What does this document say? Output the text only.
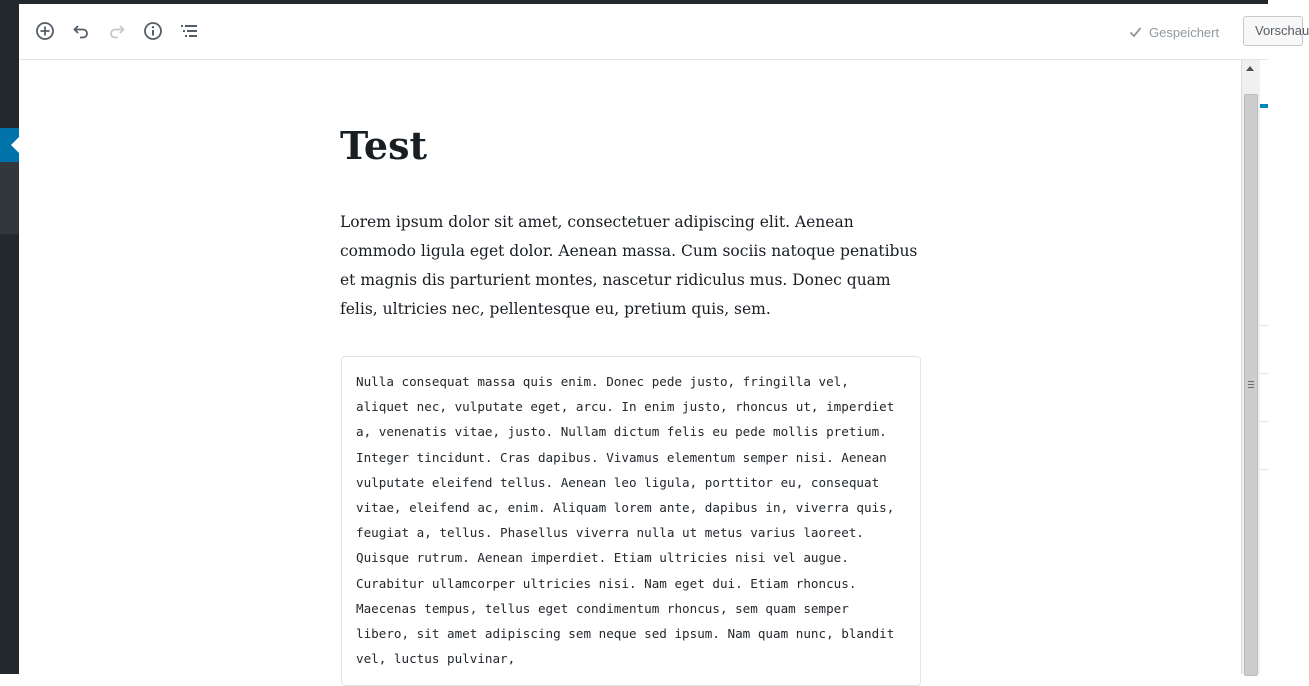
Gespeichert	Vorschau
Test

Lorem ipsum dolor sit amet, consectetuer adipiscing elit. Aenean commodo ligula eget dolor. Aenean massa. Cum sociis natoque penatibus et magnis dis parturient montes, nascetur ridiculus mus. Donec quam felis, ultricies nec, pellentesque eu, pretium quis, sem.

Nulla consequat massa quis enim. Donec pede justo, fringilla vel, aliquet nec, vulputate eget, arcu. In enim justo, rhoncus ut, imperdiet a, venenatis vitae, justo. Nullam dictum felis eu pede mollis pretium. Integer tincidunt. Cras dapibus. Vivamus elementum semper nisi. Aenean vulputate eleifend tellus. Aenean leo ligula, porttitor eu, consequat vitae, eleifend ac, enim. Aliquam lorem ante, dapibus in, viverra quis, feugiat a, tellus. Phasellus viverra nulla ut metus varius laoreet. Quisque rutrum. Aenean imperdiet. Etiam ultricies nisi vel augue. Curabitur ullamcorper ultricies nisi. Nam eget dui. Etiam rhoncus. Maecenas tempus, tellus eget condimentum rhoncus, sem quam semper libero, sit amet adipiscing sem neque sed ipsum. Nam quam nunc, blandit vel, luctus pulvinar,
